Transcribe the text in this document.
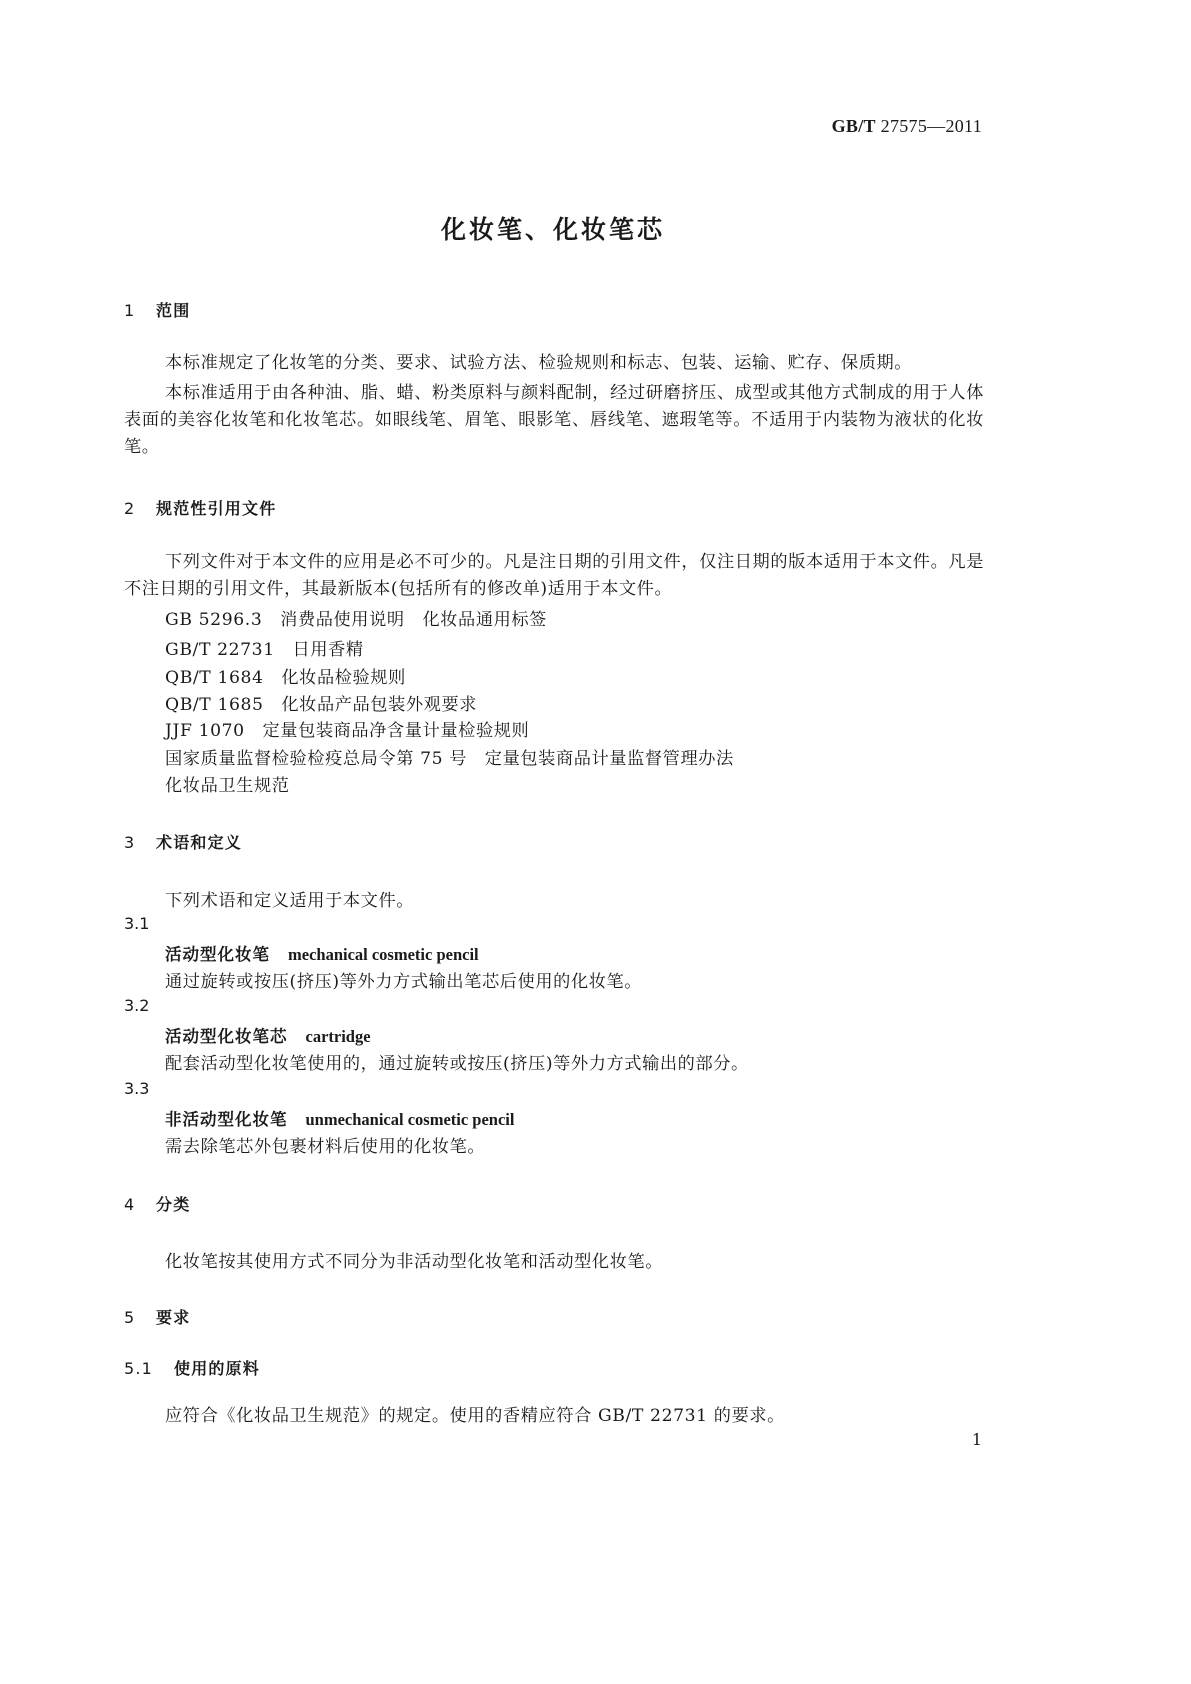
GB/T 27575—2011
化妆笔、化妆笔芯
1 范围
本标准规定了化妆笔的分类、要求、试验方法、检验规则和标志、包装、运输、贮存、保质期。
本标准适用于由各种油、脂、蜡、粉类原料与颜料配制，经过研磨挤压、成型或其他方式制成的用于人体表面的美容化妆笔和化妆笔芯。如眼线笔、眉笔、眼影笔、唇线笔、遮瑕笔等。不适用于内装物为液状的化妆笔。
2 规范性引用文件
下列文件对于本文件的应用是必不可少的。凡是注日期的引用文件，仅注日期的版本适用于本文件。凡是不注日期的引用文件，其最新版本(包括所有的修改单)适用于本文件。
GB 5296.3　消费品使用说明　化妆品通用标签
GB/T 22731　日用香精
QB/T 1684　化妆品检验规则
QB/T 1685　化妆品产品包装外观要求
JJF 1070　定量包装商品净含量计量检验规则
国家质量监督检验检疫总局令第 75 号　定量包装商品计量监督管理办法
化妆品卫生规范
3 术语和定义
下列术语和定义适用于本文件。
3.1
活动型化妆笔 mechanical cosmetic pencil
通过旋转或按压(挤压)等外力方式输出笔芯后使用的化妆笔。
3.2
活动型化妆笔芯 cartridge
配套活动型化妆笔使用的，通过旋转或按压(挤压)等外力方式输出的部分。
3.3
非活动型化妆笔 unmechanical cosmetic pencil
需去除笔芯外包裹材料后使用的化妆笔。
4 分类
化妆笔按其使用方式不同分为非活动型化妆笔和活动型化妆笔。
5 要求
5.1 使用的原料
应符合《化妆品卫生规范》的规定。使用的香精应符合 GB/T 22731 的要求。
1
